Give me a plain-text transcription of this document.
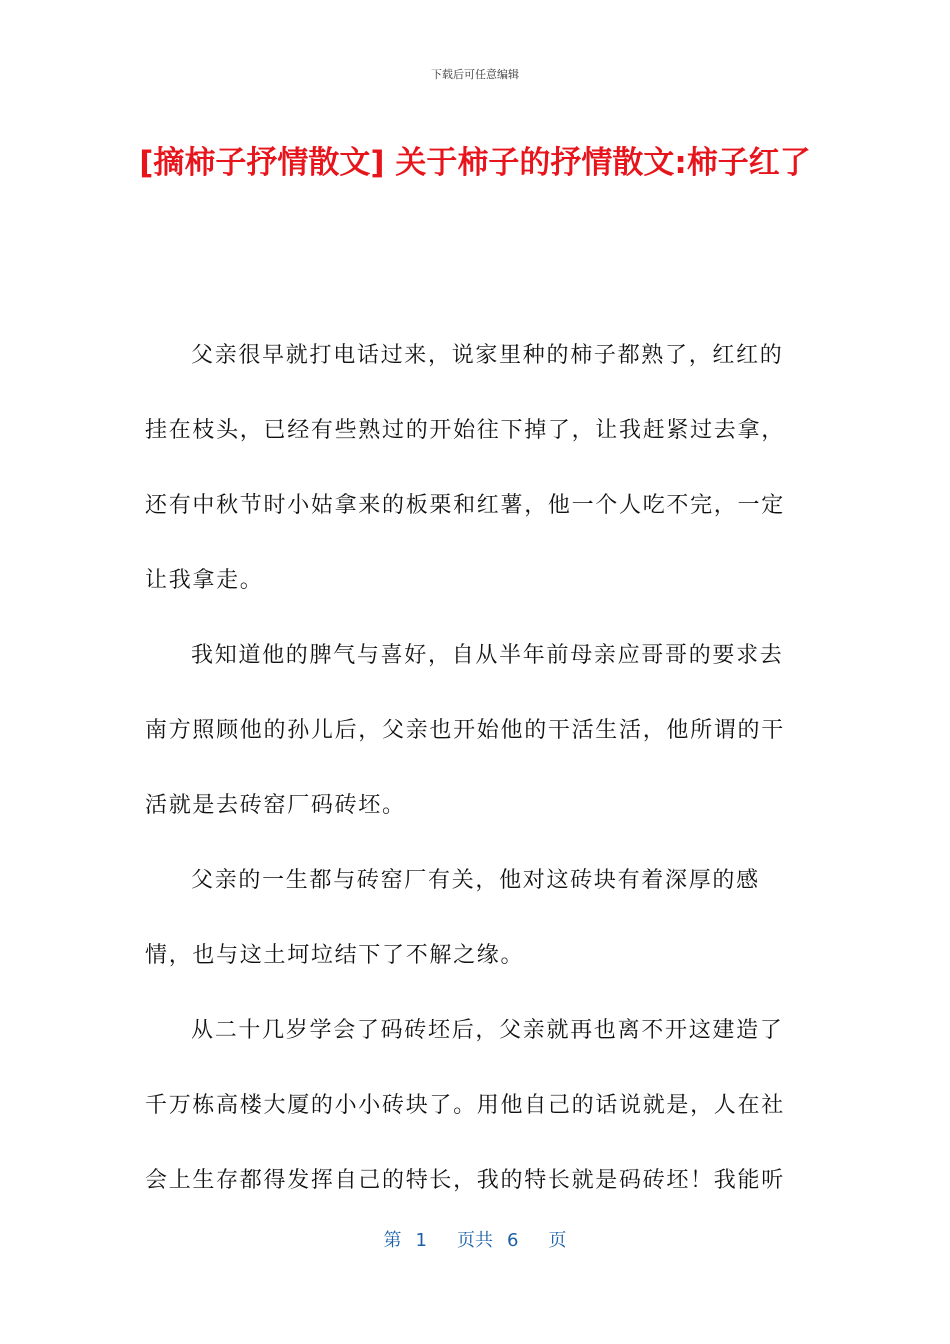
下载后可任意编辑
[摘柿子抒情散文] 关于柿子的抒情散文:柿子红了

父亲很早就打电话过来，说家里种的柿子都熟了，红红的挂在枝头，已经有些熟过的开始往下掉了，让我赶紧过去拿，还有中秋节时小姑拿来的板栗和红薯，他一个人吃不完，一定让我拿走。

我知道他的脾气与喜好，自从半年前母亲应哥哥的要求去南方照顾他的孙儿后，父亲也开始他的干活生活，他所谓的干活就是去砖窑厂码砖坯。

父亲的一生都与砖窑厂有关，他对这砖块有着深厚的感情，也与这土坷垃结下了不解之缘。

从二十几岁学会了码砖坯后，父亲就再也离不开这建造了千万栋高楼大厦的小小砖块了。用他自己的话说就是，人在社会上生存都得发挥自己的特长，我的特长就是码砖坯！我能听

第 1 页共 6 页
